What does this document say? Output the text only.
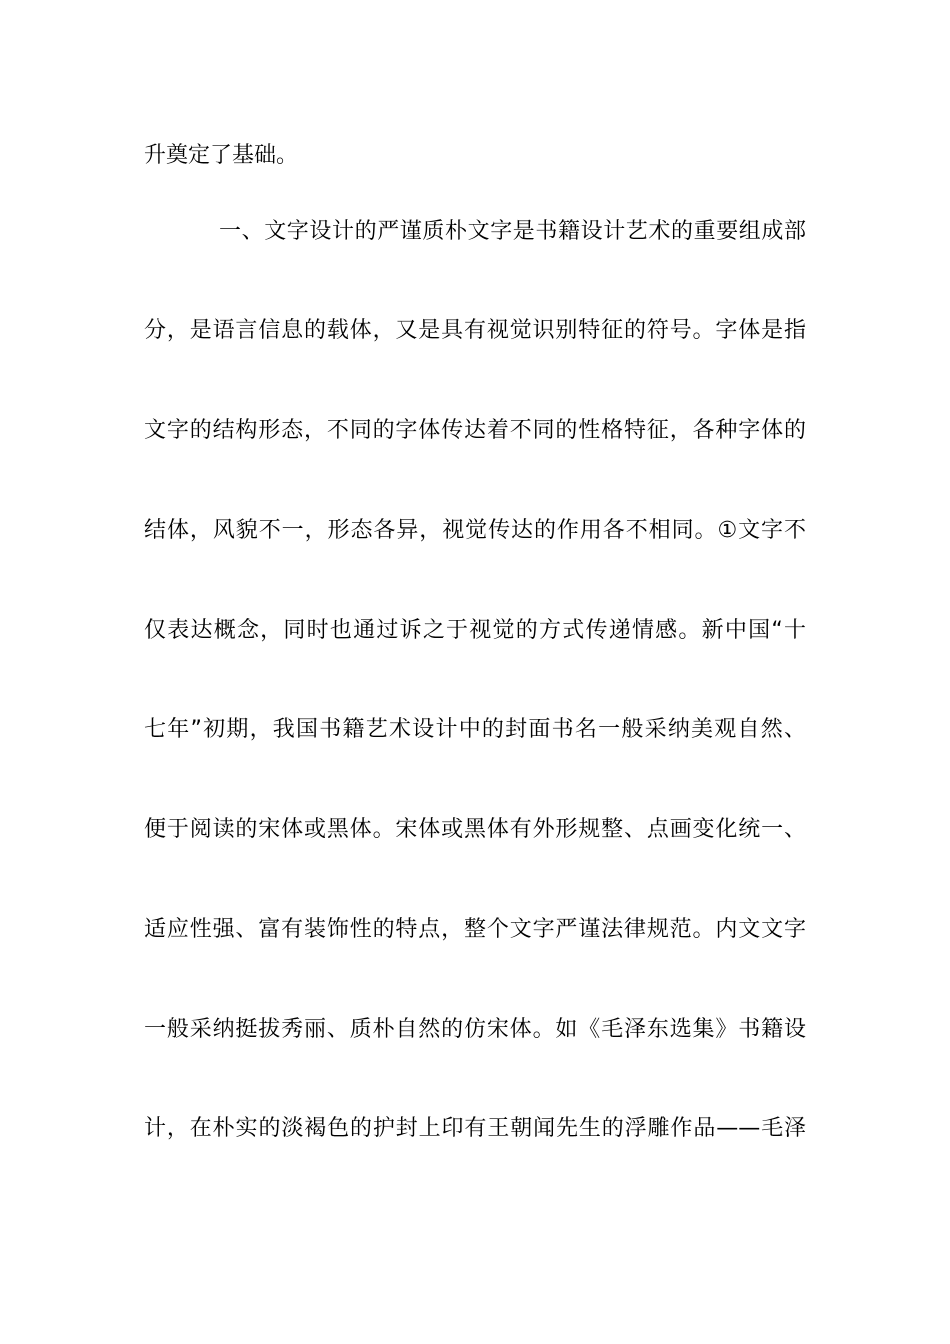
升奠定了基础。
一、文字设计的严谨质朴文字是书籍设计艺术的重要组成部
分，是语言信息的载体，又是具有视觉识别特征的符号。字体是指
文字的结构形态，不同的字体传达着不同的性格特征，各种字体的
结体，风貌不一，形态各异，视觉传达的作用各不相同。①文字不
仅表达概念，同时也通过诉之于视觉的方式传递情感。新中国“十
七年”初期，我国书籍艺术设计中的封面书名一般采纳美观自然、
便于阅读的宋体或黑体。宋体或黑体有外形规整、点画变化统一、
适应性强、富有装饰性的特点，整个文字严谨法律规范。内文文字
一般采纳挺拔秀丽、质朴自然的仿宋体。如《毛泽东选集》书籍设
计，在朴实的淡褐色的护封上印有王朝闻先生的浮雕作品——毛泽
